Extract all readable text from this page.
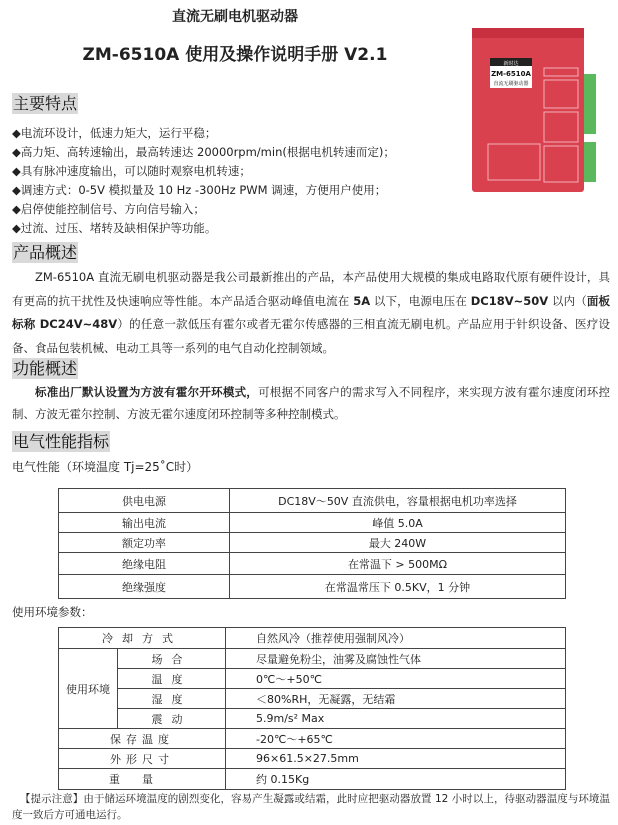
直流无刷电机驱动器
ZM-6510A 使用及操作说明手册 V2.1	新时达
ZM-6510A
直流无刷驱动器
主要特点
◆电流环设计，低速力矩大，运行平稳；
◆高力矩、高转速输出，最高转速达 20000rpm/min(根据电机转速而定)；
◆具有脉冲速度输出，可以随时观察电机转速；
◆调速方式：0-5V 模拟量及 10 Hz -300Hz PWM 调速，方便用户使用；
◆启停使能控制信号、方向信号输入；
◆过流、过压、堵转及缺相保护等功能。
产品概述
ZM-6510A 直流无刷电机驱动器是我公司最新推出的产品，本产品使用大规模的集成电路取代原有硬件设计，具有更高的抗干扰性及快速响应等性能。本产品适合驱动峰值电流在 5A 以下，电源电压在 DC18V~50V 以内（面板标称 DC24V~48V）的任意一款低压有霍尔或者无霍尔传感器的三相直流无刷电机。产品应用于针织设备、医疗设备、食品包装机械、电动工具等一系列的电气自动化控制领域。
功能概述
标准出厂默认设置为方波有霍尔开环模式，可根据不同客户的需求写入不同程序，来实现方波有霍尔速度闭环控制、方波无霍尔控制、方波无霍尔速度闭环控制等多种控制模式。
电气性能指标
电气性能（环境温度 Tj=25˚C时）
供电电源	DC18V～50V 直流供电，容量根据电机功率选择
输出电流	峰值 5.0A
额定功率	最大 240W
绝缘电阻	在常温下 > 500MΩ
绝缘强度	在常温常压下 0.5KV，1 分钟
使用环境参数：
冷却方式		自然风冷（推荐使用强制风冷）
使用环境	场合	尽量避免粉尘，油雾及腐蚀性气体
	温度	0℃～+50℃
	湿度	＜80%RH，无凝露，无结霜
	震动	5.9m/s² Max
保存温度		-20℃～+65℃
外形尺寸		96×61.5×27.5mm
重量		约 0.15Kg
【提示注意】由于储运环境温度的剧烈变化，容易产生凝露或结霜，此时应把驱动器放置 12 小时以上，待驱动器温度与环境温度一致后方可通电运行。
